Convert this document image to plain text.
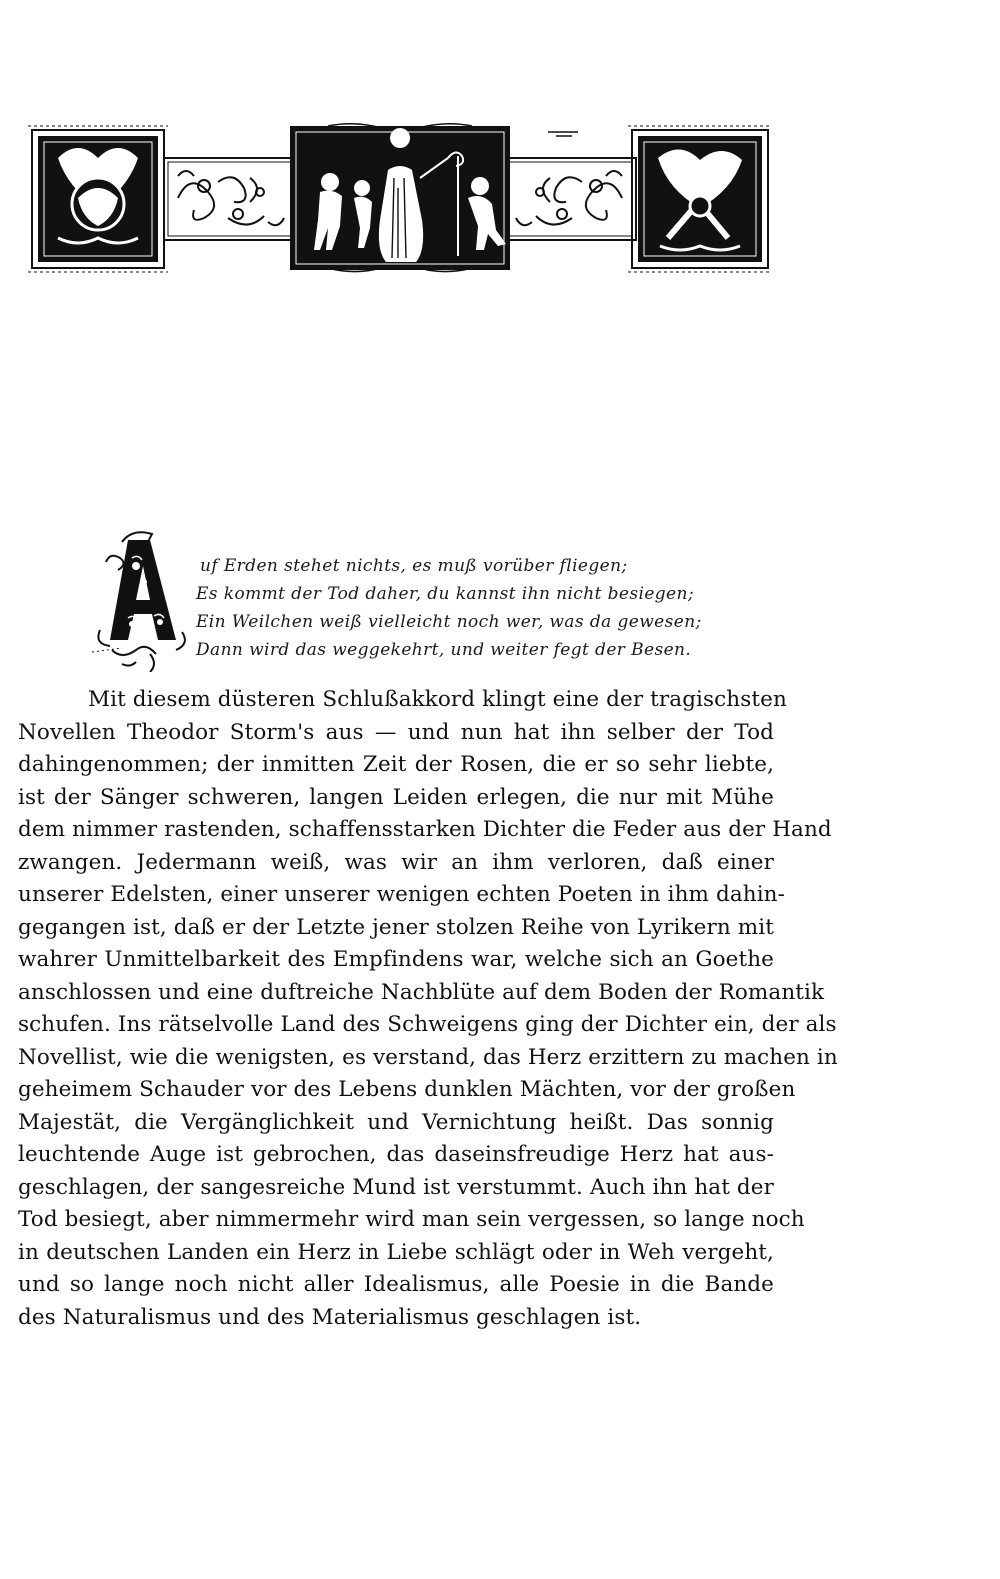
uf Erden stehet nichts, es muß vorüber fliegen;
Es kommt der Tod daher, du kannst ihn nicht besiegen;
Ein Weilchen weiß vielleicht noch wer, was da gewesen;
Dann wird das weggekehrt, und weiter fegt der Besen.
Mit diesem düsteren Schlußakkord klingt eine der tragischsten
Novellen Theodor Storm's aus — und nun hat ihn selber der Tod
dahingenommen; der inmitten Zeit der Rosen, die er so sehr liebte,
ist der Sänger schweren, langen Leiden erlegen, die nur mit Mühe
dem nimmer rastenden, schaffensstarken Dichter die Feder aus der Hand
zwangen. Jedermann weiß, was wir an ihm verloren, daß einer
unserer Edelsten, einer unserer wenigen echten Poeten in ihm dahin-
gegangen ist, daß er der Letzte jener stolzen Reihe von Lyrikern mit
wahrer Unmittelbarkeit des Empfindens war, welche sich an Goethe
anschlossen und eine duftreiche Nachblüte auf dem Boden der Romantik
schufen. Ins rätselvolle Land des Schweigens ging der Dichter ein, der als
Novellist, wie die wenigsten, es verstand, das Herz erzittern zu machen in
geheimem Schauder vor des Lebens dunklen Mächten, vor der großen
Majestät, die Vergänglichkeit und Vernichtung heißt. Das sonnig
leuchtende Auge ist gebrochen, das daseinsfreudige Herz hat aus-
geschlagen, der sangesreiche Mund ist verstummt. Auch ihn hat der
Tod besiegt, aber nimmermehr wird man sein vergessen, so lange noch
in deutschen Landen ein Herz in Liebe schlägt oder in Weh vergeht,
und so lange noch nicht aller Idealismus, alle Poesie in die Bande
des Naturalismus und des Materialismus geschlagen ist.
